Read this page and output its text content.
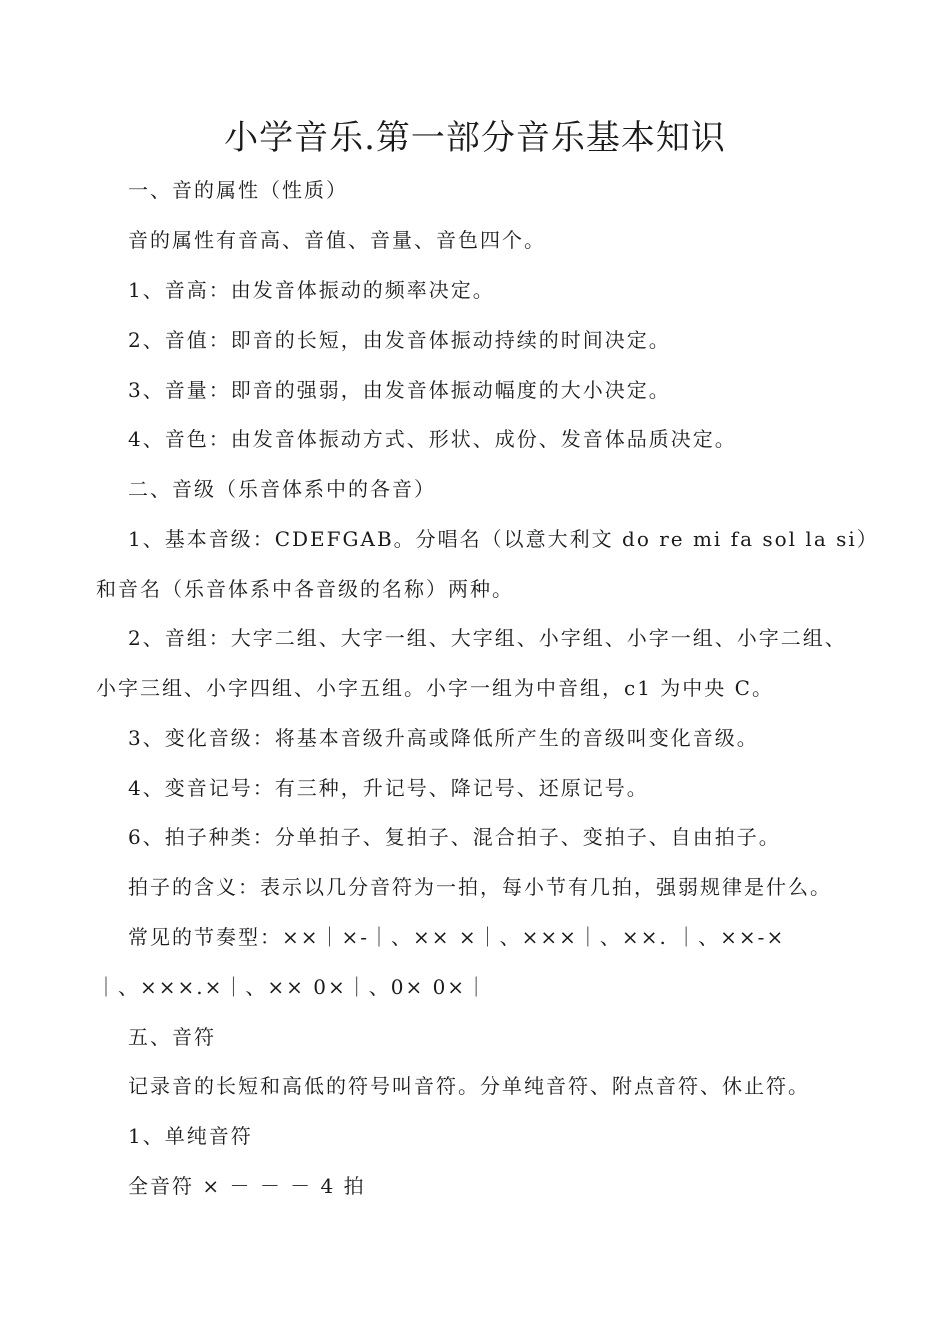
小学音乐.第一部分音乐基本知识
一、音的属性（性质）
音的属性有音高、音值、音量、音色四个。
1、音高：由发音体振动的频率决定。
2、音值：即音的长短，由发音体振动持续的时间决定。
3、音量：即音的强弱，由发音体振动幅度的大小决定。
4、音色：由发音体振动方式、形状、成份、发音体品质决定。
二、音级（乐音体系中的各音）
1、基本音级：CDEFGAB。分唱名（以意大利文 do re mi fa sol la si）
和音名（乐音体系中各音级的名称）两种。
2、音组：大字二组、大字一组、大字组、小字组、小字一组、小字二组、
小字三组、小字四组、小字五组。小字一组为中音组，c1 为中央 C。
3、变化音级：将基本音级升高或降低所产生的音级叫变化音级。
4、变音记号：有三种，升记号、降记号、还原记号。
6、拍子种类：分单拍子、复拍子、混合拍子、变拍子、自由拍子。
拍子的含义：表示以几分音符为一拍，每小节有几拍，强弱规律是什么。
常见的节奏型：××｜×-｜、×× ×｜、×××｜、××. ｜、××-×
｜、×××.×｜、×× 0×｜、0× 0×｜
五、音符
记录音的长短和高低的符号叫音符。分单纯音符、附点音符、休止符。
1、单纯音符
全音符 × － － － 4 拍
